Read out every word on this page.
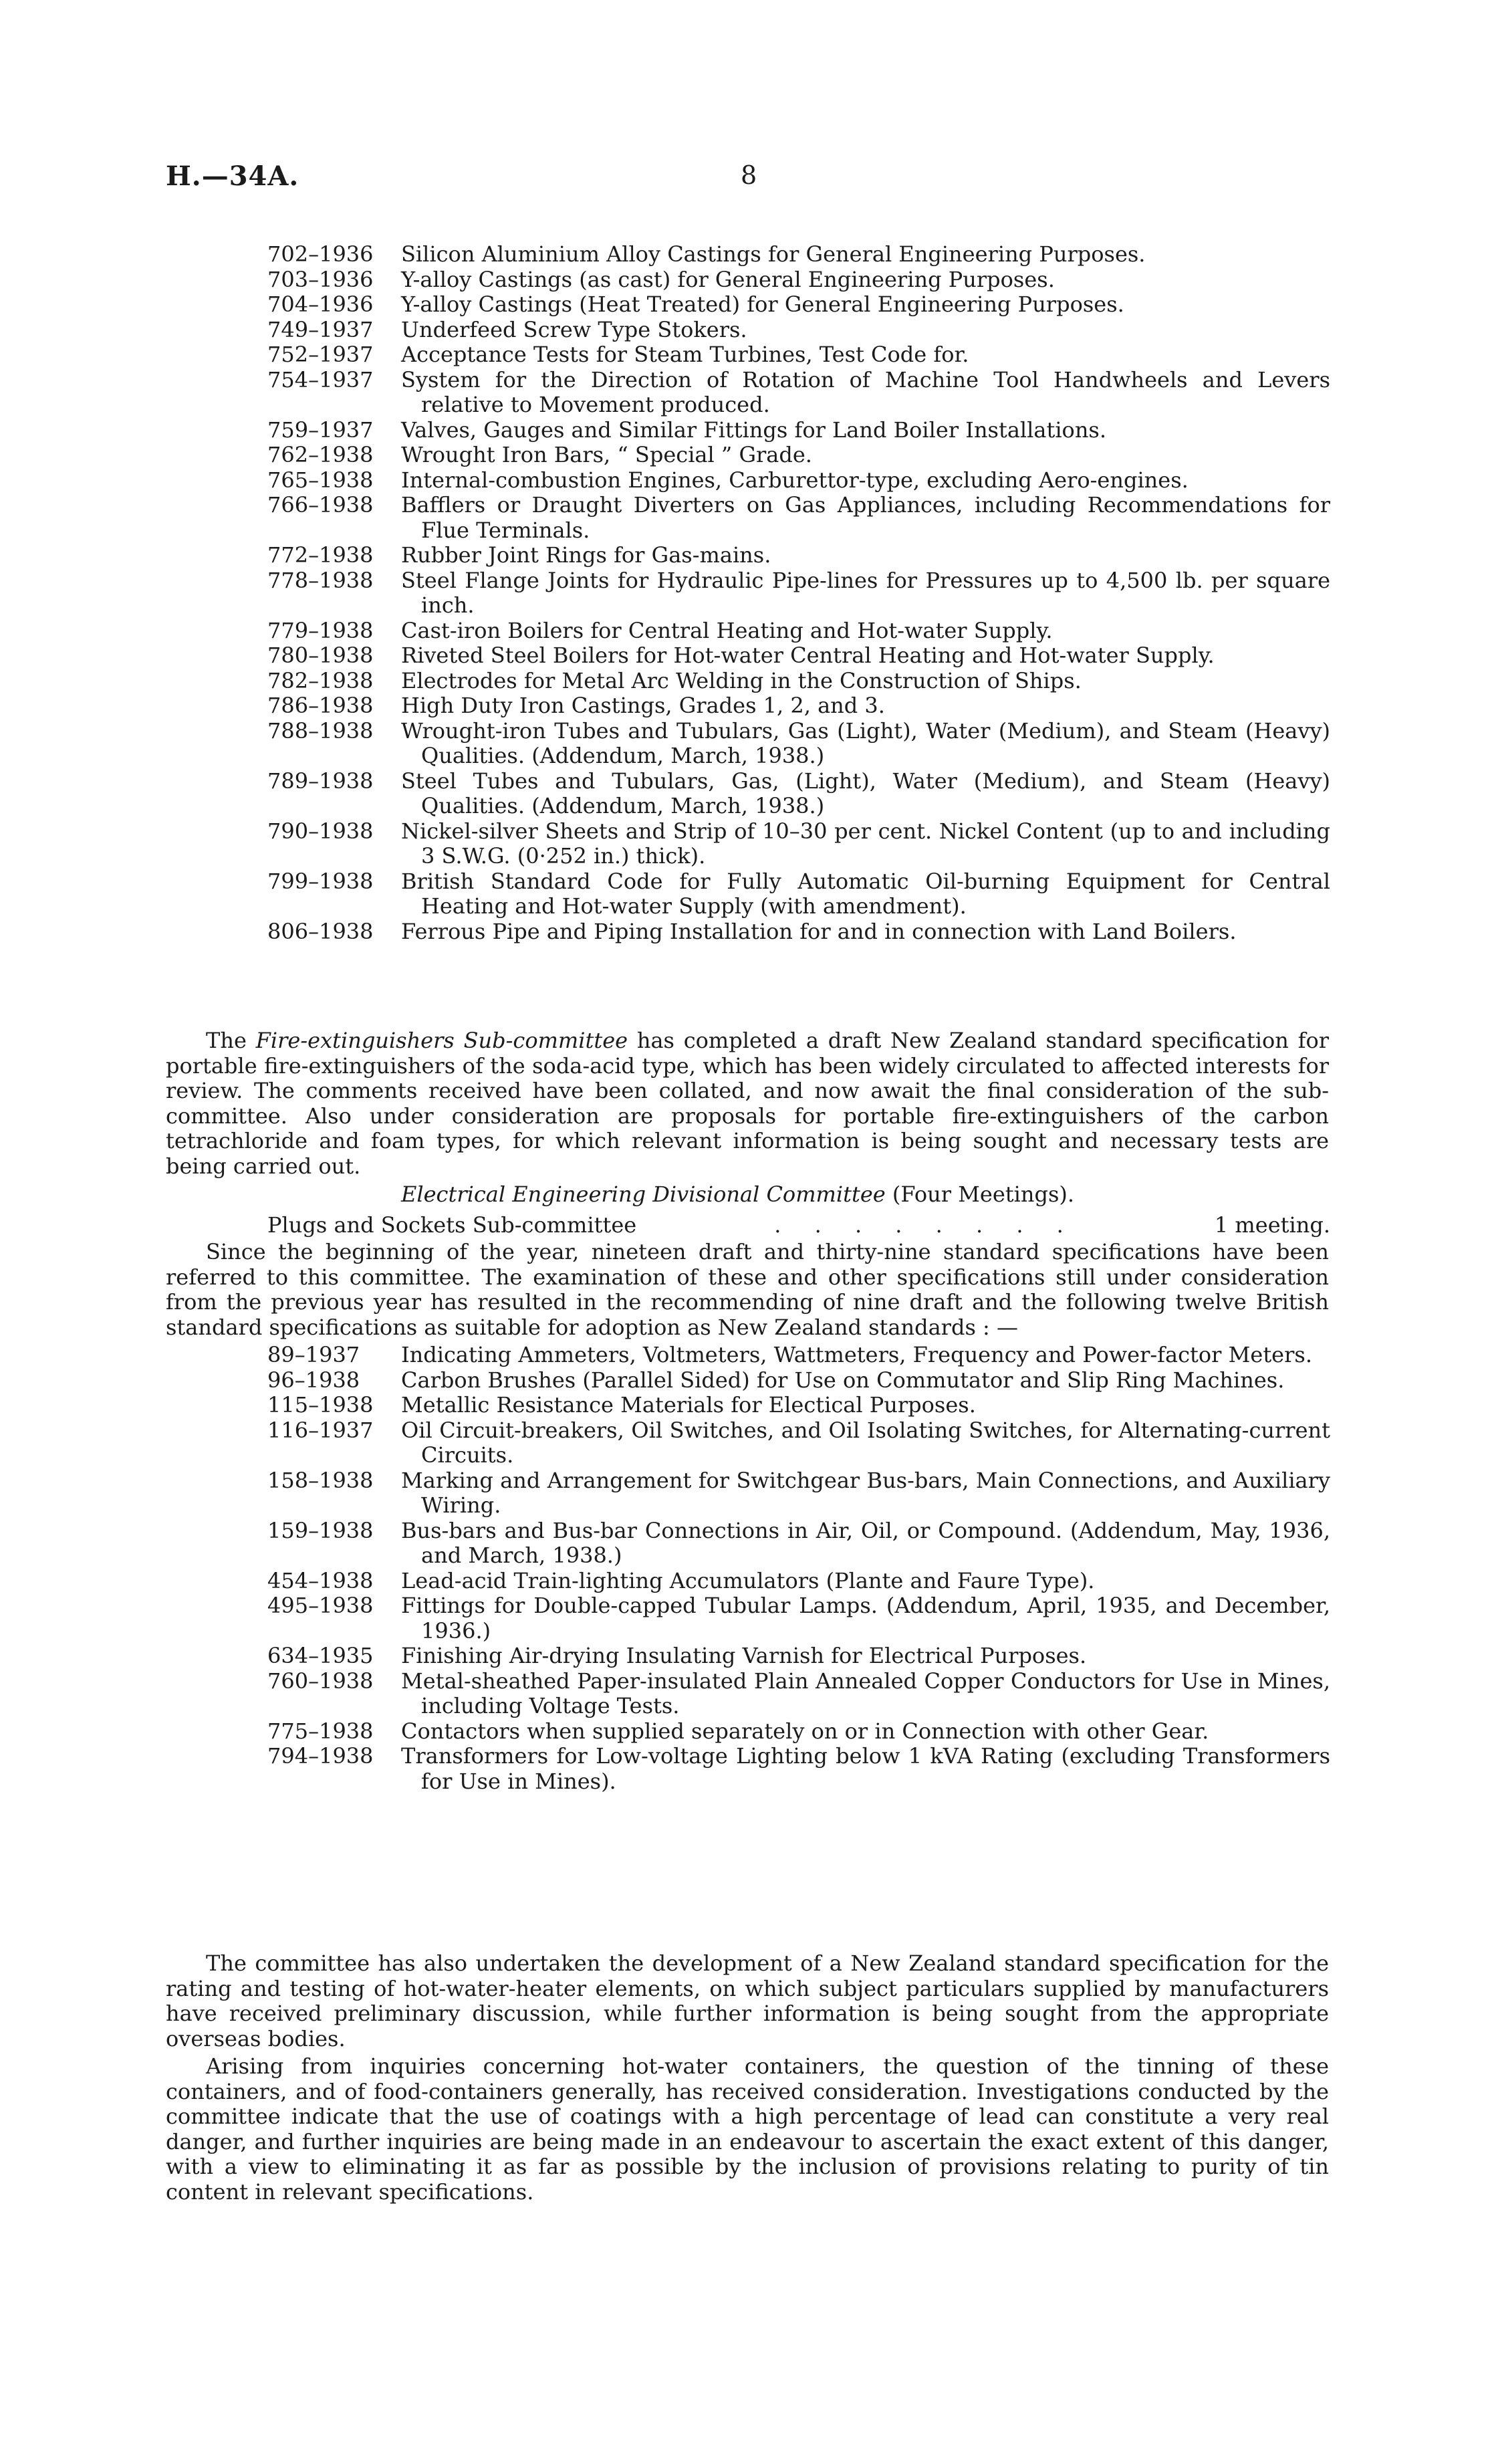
H.—34A.	8
702–1936	Silicon Aluminium Alloy Castings for General Engineering Purposes.
703–1936	Y-alloy Castings (as cast) for General Engineering Purposes.
704–1936	Y-alloy Castings (Heat Treated) for General Engineering Purposes.
749–1937	Underfeed Screw Type Stokers.
752–1937	Acceptance Tests for Steam Turbines, Test Code for.
754–1937	System for the Direction of Rotation of Machine Tool Handwheels and Levers relative to Movement produced.
759–1937	Valves, Gauges and Similar Fittings for Land Boiler Installations.
762–1938	Wrought Iron Bars, “ Special ” Grade.
765–1938	Internal-combustion Engines, Carburettor-type, excluding Aero-engines.
766–1938	Bafflers or Draught Diverters on Gas Appliances, including Recommendations for Flue Terminals.
772–1938	Rubber Joint Rings for Gas-mains.
778–1938	Steel Flange Joints for Hydraulic Pipe-lines for Pressures up to 4,500 lb. per square inch.
779–1938	Cast-iron Boilers for Central Heating and Hot-water Supply.
780–1938	Riveted Steel Boilers for Hot-water Central Heating and Hot-water Supply.
782–1938	Electrodes for Metal Arc Welding in the Construction of Ships.
786–1938	High Duty Iron Castings, Grades 1, 2, and 3.
788–1938	Wrought-iron Tubes and Tubulars, Gas (Light), Water (Medium), and Steam (Heavy) Qualities. (Addendum, March, 1938.)
789–1938	Steel Tubes and Tubulars, Gas, (Light), Water (Medium), and Steam (Heavy) Qualities. (Addendum, March, 1938.)
790–1938	Nickel-silver Sheets and Strip of 10–30 per cent. Nickel Content (up to and including 3 S.W.G. (0·252 in.) thick).
799–1938	British Standard Code for Fully Automatic Oil-burning Equipment for Central Heating and Hot-water Supply (with amendment).
806–1938	Ferrous Pipe and Piping Installation for and in connection with Land Boilers.

The Fire-extinguishers Sub-committee has completed a draft New Zealand standard specification for portable fire-extinguishers of the soda-acid type, which has been widely circulated to affected interests for review. The comments received have been collated, and now await the final consideration of the sub-committee. Also under consideration are proposals for portable fire-extinguishers of the carbon tetrachloride and foam types, for which relevant information is being sought and necessary tests are being carried out.

Electrical Engineering Divisional Committee (Four Meetings).
Plugs and Sockets Sub-committee	. . . . . . . .	1 meeting.

Since the beginning of the year, nineteen draft and thirty-nine standard specifications have been referred to this committee. The examination of these and other specifications still under consideration from the previous year has resulted in the recommending of nine draft and the following twelve British standard specifications as suitable for adoption as New Zealand standards : —

89–1937	Indicating Ammeters, Voltmeters, Wattmeters, Frequency and Power-factor Meters.
96–1938	Carbon Brushes (Parallel Sided) for Use on Commutator and Slip Ring Machines.
115–1938	Metallic Resistance Materials for Electical Purposes.
116–1937	Oil Circuit-breakers, Oil Switches, and Oil Isolating Switches, for Alternating-current Circuits.
158–1938	Marking and Arrangement for Switchgear Bus-bars, Main Connections, and Auxiliary Wiring.
159–1938	Bus-bars and Bus-bar Connections in Air, Oil, or Compound. (Addendum, May, 1936, and March, 1938.)
454–1938	Lead-acid Train-lighting Accumulators (Plante and Faure Type).
495–1938	Fittings for Double-capped Tubular Lamps. (Addendum, April, 1935, and December, 1936.)
634–1935	Finishing Air-drying Insulating Varnish for Electrical Purposes.
760–1938	Metal-sheathed Paper-insulated Plain Annealed Copper Conductors for Use in Mines, including Voltage Tests.
775–1938	Contactors when supplied separately on or in Connection with other Gear.
794–1938	Transformers for Low-voltage Lighting below 1 kVA Rating (excluding Transformers for Use in Mines).

The committee has also undertaken the development of a New Zealand standard specification for the rating and testing of hot-water-heater elements, on which subject particulars supplied by manufacturers have received preliminary discussion, while further information is being sought from the appropriate overseas bodies.

Arising from inquiries concerning hot-water containers, the question of the tinning of these containers, and of food-containers generally, has received consideration. Investigations conducted by the committee indicate that the use of coatings with a high percentage of lead can constitute a very real danger, and further inquiries are being made in an endeavour to ascertain the exact extent of this danger, with a view to eliminating it as far as possible by the inclusion of provisions relating to purity of tin content in relevant specifications.
